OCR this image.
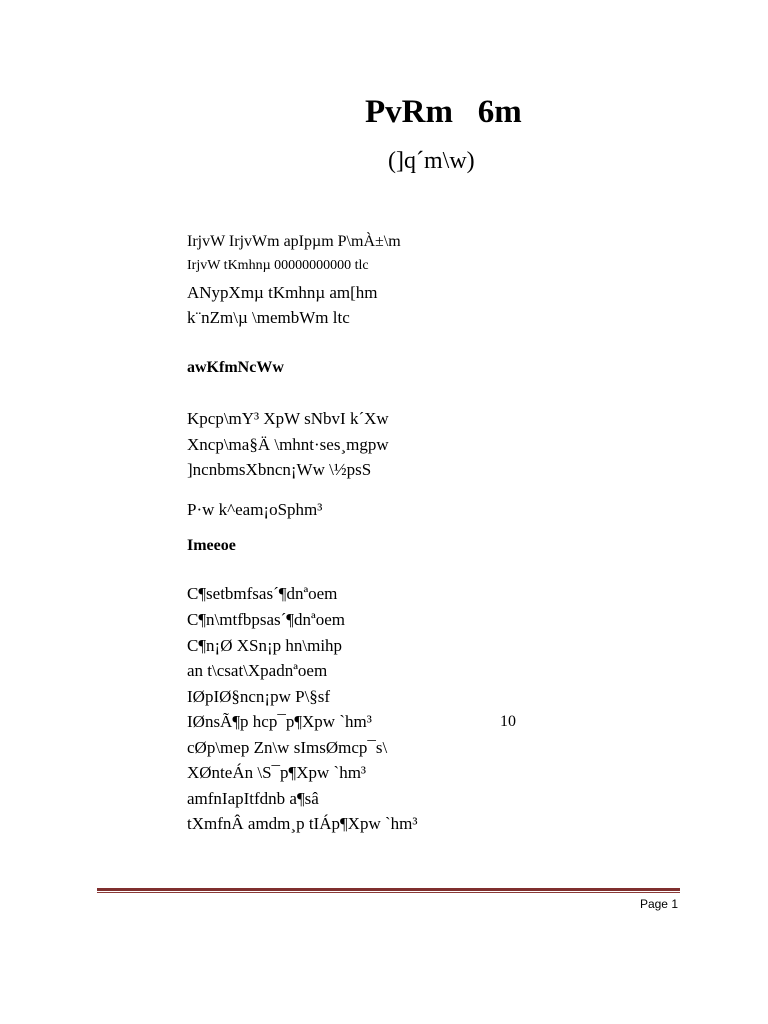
PvRm   6m
(]q´m\w)
IrjvW IrjvWm apIpµm P\mÀ±\m
IrjvW tKmhnµ 00000000000 tlc
ANypXmµ tKmhnµ am[hm
k¨nZm\µ \membWm ltc
awKfmNcWw
Kpcp\mY³ XpW sNbvI k´Xw
Xncp\ma§Ä \mhnt·ses¸mgpw
]ncnbmsXbncn¡Ww \½psS
P·w k^eam¡oSphm³
Imeeoe
C¶setbmfsas´¶dnªoem
C¶n\mtfbpsas´¶dnªoem
C¶n¡Ø XSn¡p hn\mihp
an t\csat\Xpadnªoem
IØpIØ§ncn¡pw P\§sf
IØnsÃ¶p hcp¯p¶Xpw `hm³
cØp\mep Zn\w sImsØmcp¯s\
XØnteÁn \S¯p¶Xpw `hm³
amfnIapItfdnb a¶sâ
tXmfnÂ amdm¸p tIÁp¶Xpw `hm³
10
Page 1
